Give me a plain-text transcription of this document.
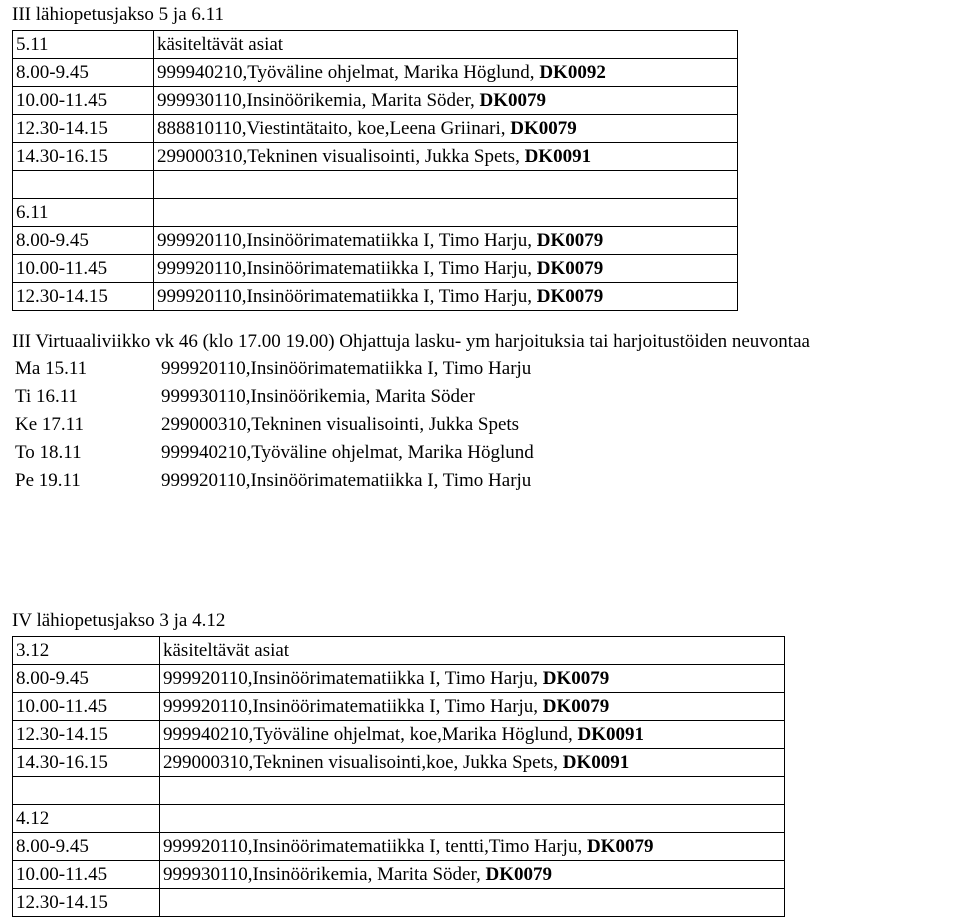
III lähiopetusjakso 5 ja 6.11
5.11	käsiteltävät asiat
8.00-9.45	999940210,Työväline ohjelmat, Marika Höglund, DK0092
10.00-11.45	999930110,Insinöörikemia, Marita Söder, DK0079
12.30-14.15	888810110,Viestintätaito, koe,Leena Griinari, DK0079
14.30-16.15	299000310,Tekninen visualisointi, Jukka Spets, DK0091

6.11	
8.00-9.45	999920110,Insinöörimatematiikka I, Timo Harju, DK0079
10.00-11.45	999920110,Insinöörimatematiikka I, Timo Harju, DK0079
12.30-14.15	999920110,Insinöörimatematiikka I, Timo Harju, DK0079
III Virtuaaliviikko vk 46 (klo 17.00 19.00) Ohjattuja lasku- ym harjoituksia tai harjoitustöiden neuvontaa
Ma 15.11	999920110,Insinöörimatematiikka I, Timo Harju
Ti 16.11	999930110,Insinöörikemia, Marita Söder
Ke 17.11	299000310,Tekninen visualisointi, Jukka Spets
To 18.11	999940210,Työväline ohjelmat, Marika Höglund
Pe 19.11	999920110,Insinöörimatematiikka I, Timo Harju
IV lähiopetusjakso 3 ja 4.12
3.12	käsiteltävät asiat
8.00-9.45	999920110,Insinöörimatematiikka I, Timo Harju, DK0079
10.00-11.45	999920110,Insinöörimatematiikka I, Timo Harju, DK0079
12.30-14.15	999940210,Työväline ohjelmat, koe,Marika Höglund, DK0091
14.30-16.15	299000310,Tekninen visualisointi,koe, Jukka Spets, DK0091

4.12	
8.00-9.45	999920110,Insinöörimatematiikka I, tentti,Timo Harju, DK0079
10.00-11.45	999930110,Insinöörikemia, Marita Söder, DK0079
12.30-14.15	
